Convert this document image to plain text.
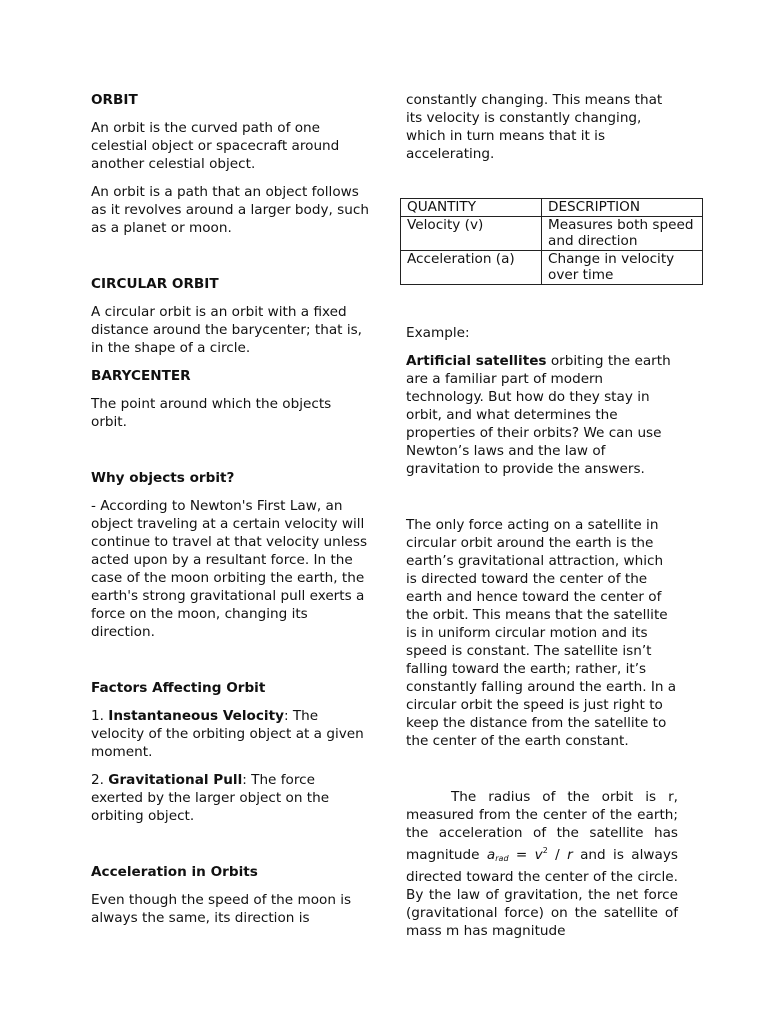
ORBIT

An orbit is the curved path of one celestial object or spacecraft around another celestial object.

An orbit is a path that an object follows as it revolves around a larger body, such as a planet or moon.

CIRCULAR ORBIT

A circular orbit is an orbit with a fixed distance around the barycenter; that is, in the shape of a circle.

BARYCENTER

The point around which the objects orbit.

Why objects orbit?

- According to Newton's First Law, an object traveling at a certain velocity will continue to travel at that velocity unless acted upon by a resultant force. In the case of the moon orbiting the earth, the earth's strong gravitational pull exerts a force on the moon, changing its direction.

Factors Affecting Orbit

1. Instantaneous Velocity: The velocity of the orbiting object at a given moment.

2. Gravitational Pull: The force exerted by the larger object on the orbiting object.

Acceleration in Orbits

Even though the speed of the moon is always the same, its direction is

constantly changing. This means that its velocity is constantly changing, which in turn means that it is accelerating.

QUANTITY	DESCRIPTION
Velocity (v)	Measures both speed and direction
Acceleration (a)	Change in velocity over time

Example:

Artificial satellites orbiting the earth are a familiar part of modern technology. But how do they stay in orbit, and what determines the properties of their orbits? We can use Newton’s laws and the law of gravitation to provide the answers.

The only force acting on a satellite in circular orbit around the earth is the earth’s gravitational attraction, which is directed toward the center of the earth and hence toward the center of the orbit. This means that the satellite is in uniform circular motion and its speed is constant. The satellite isn’t falling toward the earth; rather, it’s constantly falling around the earth. In a circular orbit the speed is just right to keep the distance from the satellite to the center of the earth constant.

The radius of the orbit is r, measured from the center of the earth; the acceleration of the satellite has magnitude $a_{rad} = v^2 / r$ and is always directed toward the center of the circle. By the law of gravitation, the net force (gravitational force) on the satellite of mass m has magnitude
